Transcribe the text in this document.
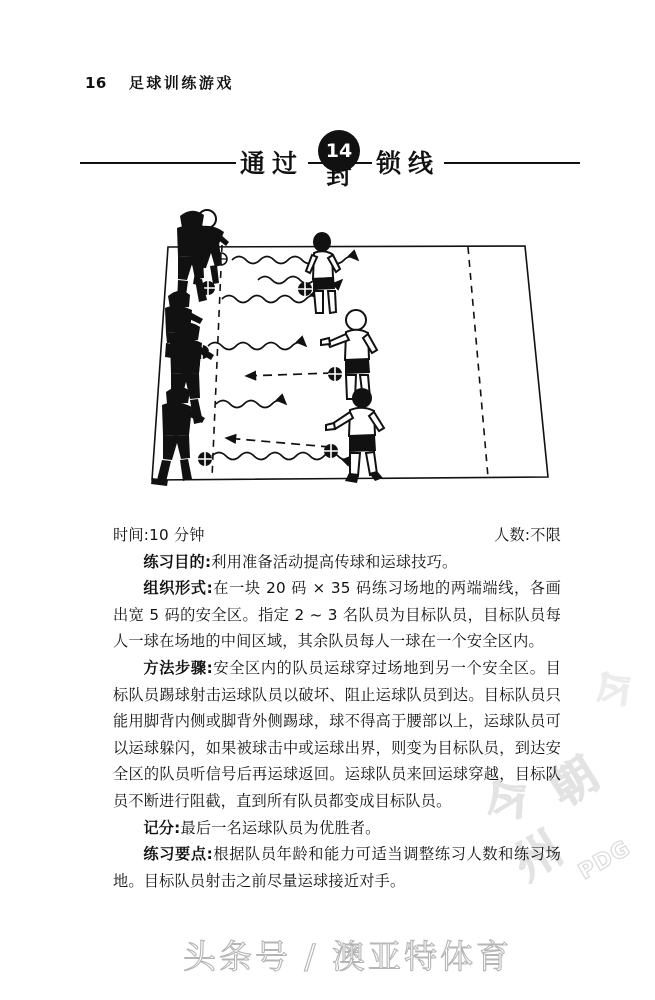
16 足球训练游戏
通过	锁线
14
封
今
今
朝
州 PDG
时间:10 分钟	人数:不限

练习目的:利用准备活动提高传球和运球技巧。

组织形式:在一块 20 码 × 35 码练习场地的两端端线，各画出宽 5 码的安全区。指定 2 ~ 3 名队员为目标队员，目标队员每人一球在场地的中间区域，其余队员每人一球在一个安全区内。

方法步骤:安全区内的队员运球穿过场地到另一个安全区。目标队员踢球射击运球队员以破坏、阻止运球队员到达。目标队员只能用脚背内侧或脚背外侧踢球，球不得高于腰部以上，运球队员可以运球躲闪，如果被球击中或运球出界，则变为目标队员，到达安全区的队员听信号后再运球返回。运球队员来回运球穿越，目标队员不断进行阻截，直到所有队员都变成目标队员。

记分:最后一名运球队员为优胜者。

练习要点:根据队员年龄和能力可适当调整练习人数和练习场地。目标队员射击之前尽量运球接近对手。

头条号 / 澳亚特体育
